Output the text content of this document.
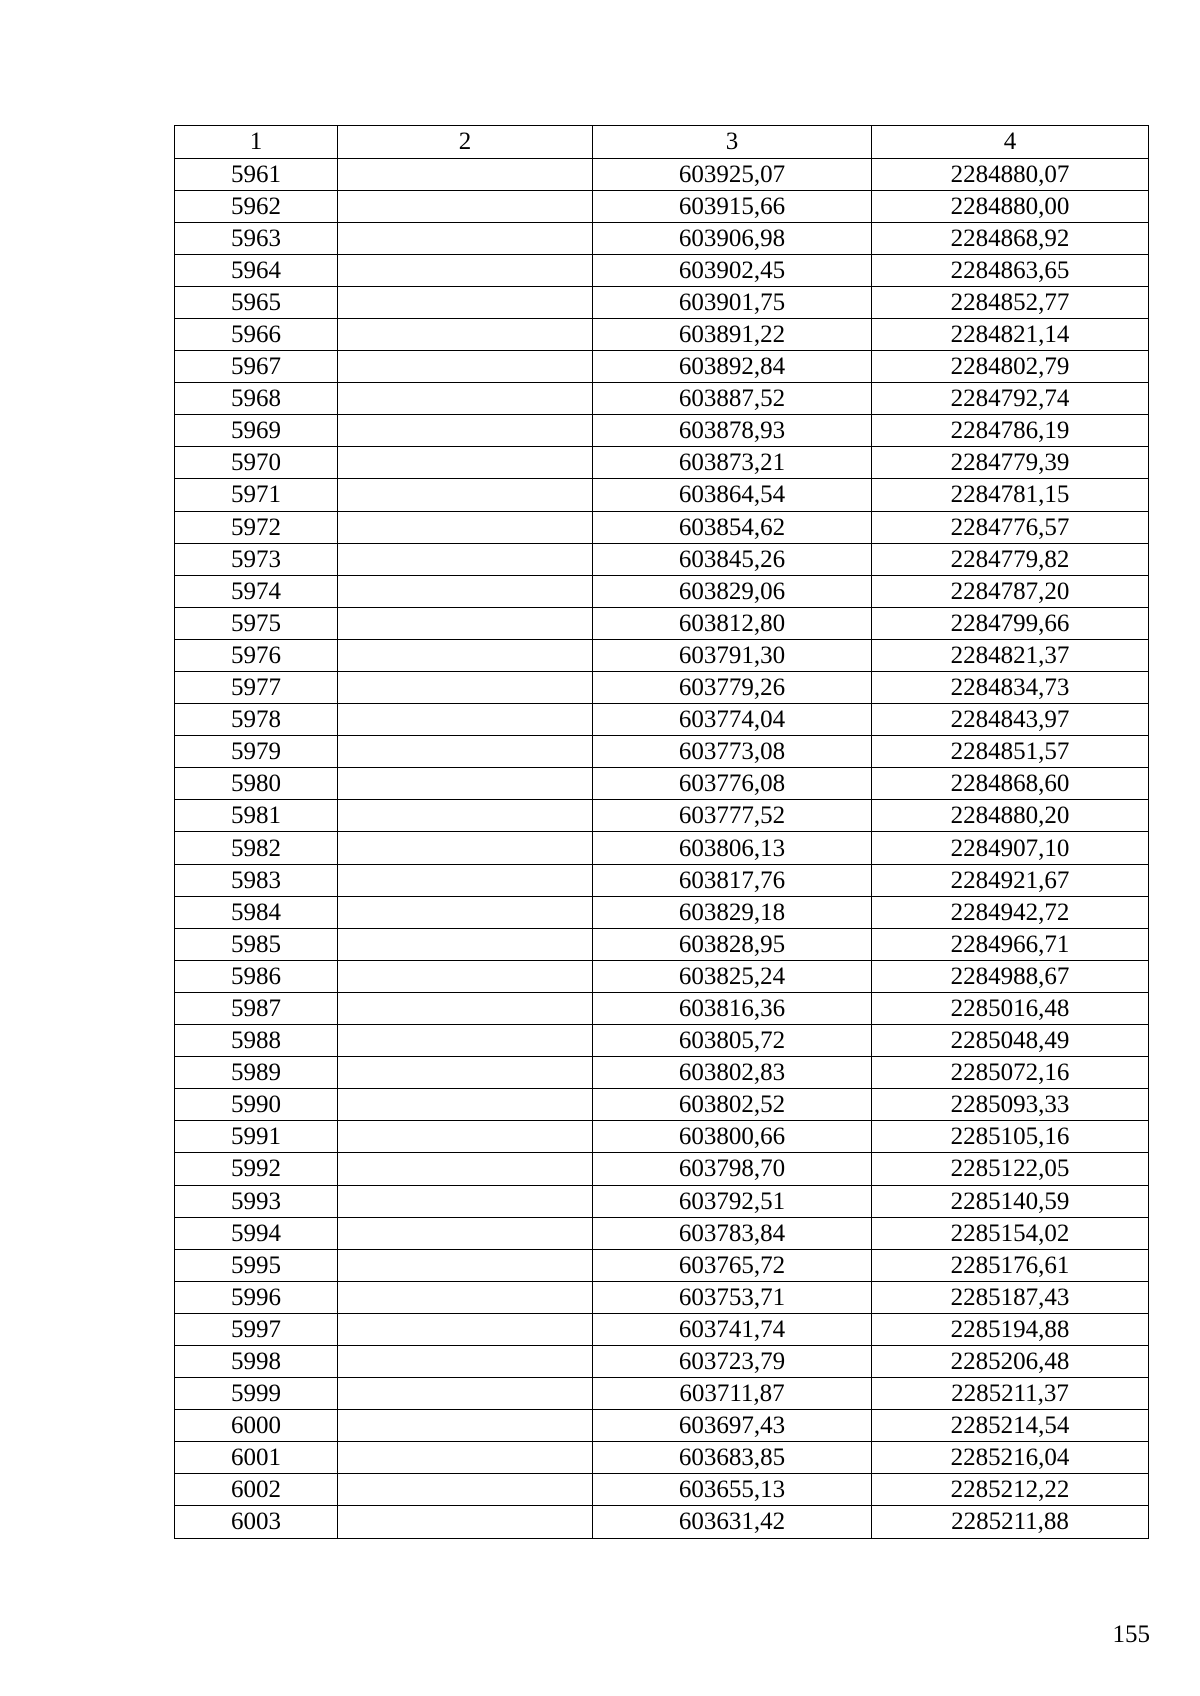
1	2	3	4
5961		603925,07	2284880,07
5962		603915,66	2284880,00
5963		603906,98	2284868,92
5964		603902,45	2284863,65
5965		603901,75	2284852,77
5966		603891,22	2284821,14
5967		603892,84	2284802,79
5968		603887,52	2284792,74
5969		603878,93	2284786,19
5970		603873,21	2284779,39
5971		603864,54	2284781,15
5972		603854,62	2284776,57
5973		603845,26	2284779,82
5974		603829,06	2284787,20
5975		603812,80	2284799,66
5976		603791,30	2284821,37
5977		603779,26	2284834,73
5978		603774,04	2284843,97
5979		603773,08	2284851,57
5980		603776,08	2284868,60
5981		603777,52	2284880,20
5982		603806,13	2284907,10
5983		603817,76	2284921,67
5984		603829,18	2284942,72
5985		603828,95	2284966,71
5986		603825,24	2284988,67
5987		603816,36	2285016,48
5988		603805,72	2285048,49
5989		603802,83	2285072,16
5990		603802,52	2285093,33
5991		603800,66	2285105,16
5992		603798,70	2285122,05
5993		603792,51	2285140,59
5994		603783,84	2285154,02
5995		603765,72	2285176,61
5996		603753,71	2285187,43
5997		603741,74	2285194,88
5998		603723,79	2285206,48
5999		603711,87	2285211,37
6000		603697,43	2285214,54
6001		603683,85	2285216,04
6002		603655,13	2285212,22
6003		603631,42	2285211,88
155
